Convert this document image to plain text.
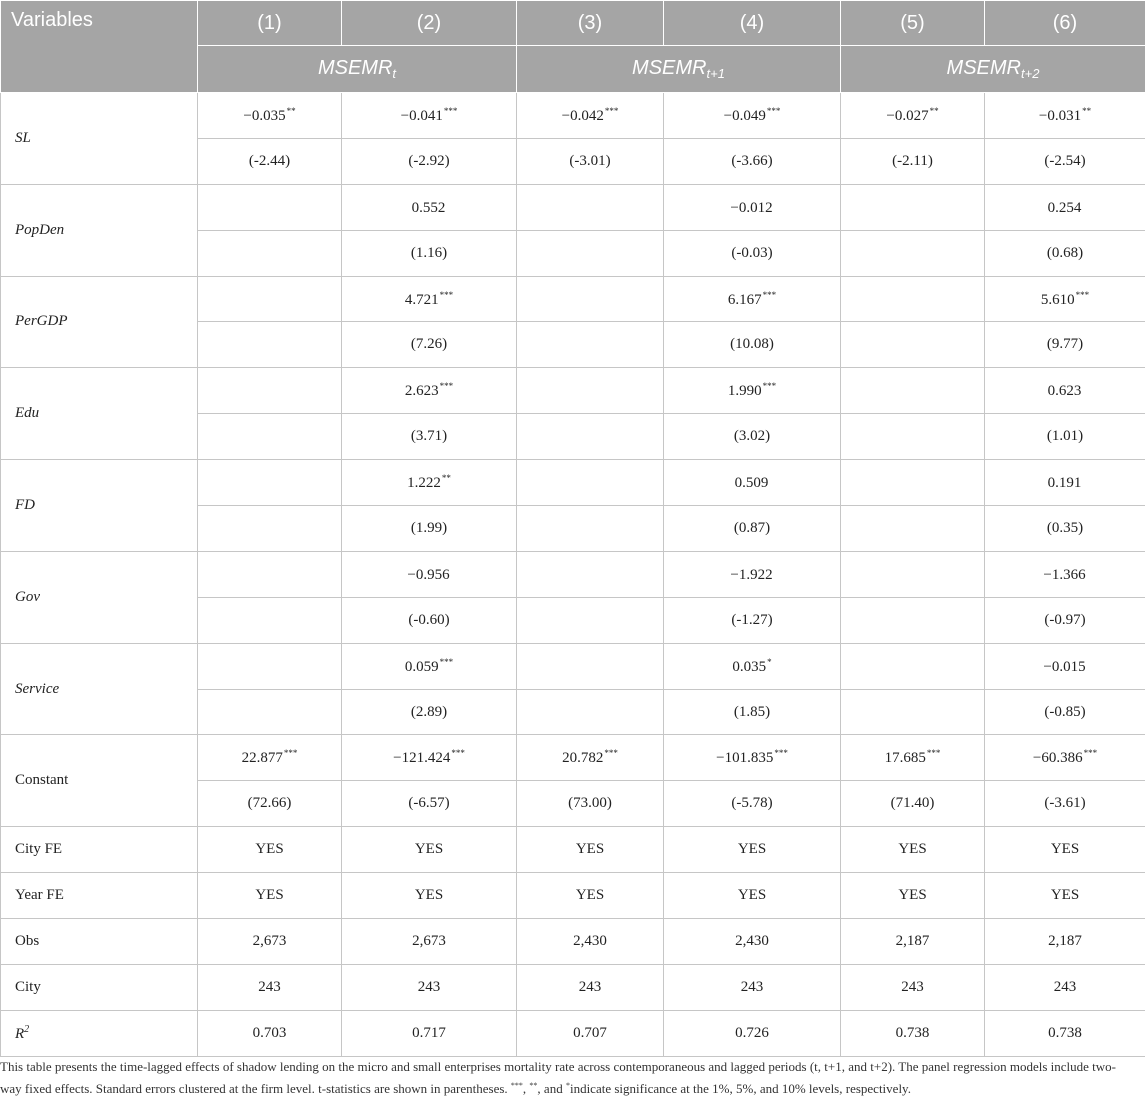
Variables	(1)	(2)	(3)	(4)	(5)	(6)
	$MSEMR_t$		$MSEMR_{t+1}$		$MSEMR_{t+2}$
SL	−0.035**	−0.041***	−0.042***	−0.049***	−0.027**	−0.031**
	(-2.44)	(-2.92)	(-3.01)	(-3.66)	(-2.11)	(-2.54)
PopDen		0.552		−0.012		0.254
		(1.16)		(-0.03)		(0.68)
PerGDP		4.721***		6.167***		5.610***
		(7.26)		(10.08)		(9.77)
Edu		2.623***		1.990***		0.623
		(3.71)		(3.02)		(1.01)
FD		1.222**		0.509		0.191
		(1.99)		(0.87)		(0.35)
Gov		−0.956		−1.922		−1.366
		(-0.60)		(-1.27)		(-0.97)
Service		0.059***		0.035*		−0.015
		(2.89)		(1.85)		(-0.85)
Constant	22.877***	−121.424***	20.782***	−101.835***	17.685***	−60.386***
	(72.66)	(-6.57)	(73.00)	(-5.78)	(71.40)	(-3.61)
City FE	YES	YES	YES	YES	YES	YES
Year FE	YES	YES	YES	YES	YES	YES
Obs	2,673	2,673	2,430	2,430	2,187	2,187
City	243	243	243	243	243	243
$R^2$	0.703	0.717	0.707	0.726	0.738	0.738

This table presents the time-lagged effects of shadow lending on the micro and small enterprises mortality rate across contemporaneous and lagged periods (t, t+1, and t+2). The panel regression models include two-way fixed effects. Standard errors clustered at the firm level. t-statistics are shown in parentheses. ***, **, and *indicate significance at the 1%, 5%, and 10% levels, respectively.
